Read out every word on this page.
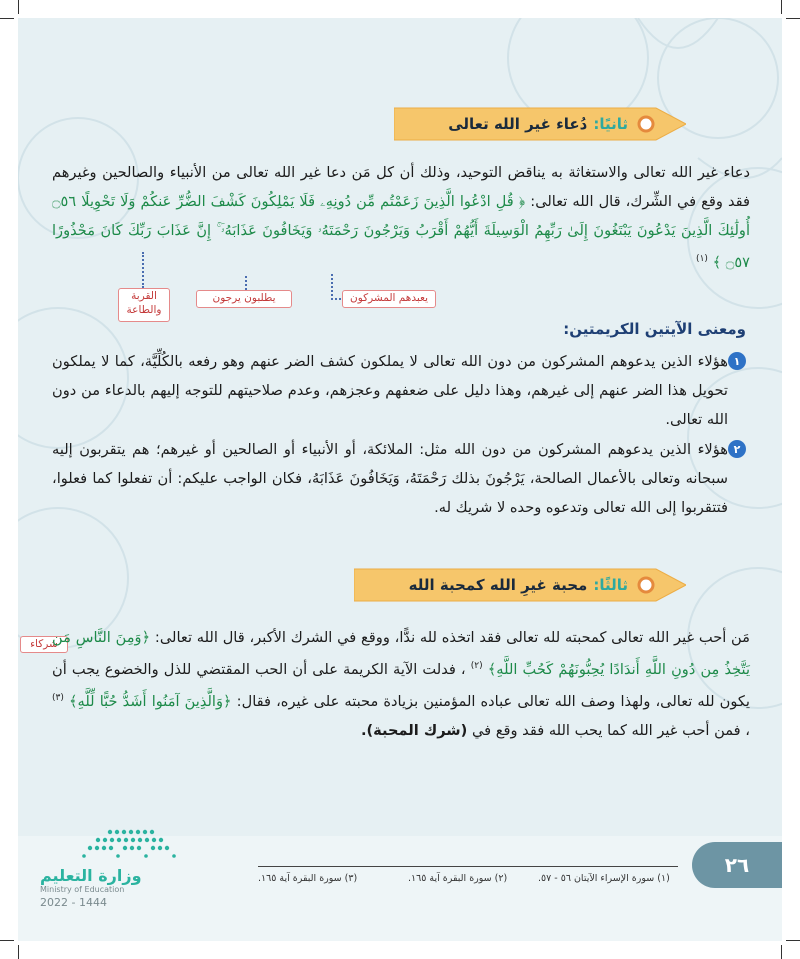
ثانيًا:
دُعاء غير الله تعالى
دعاء غير الله تعالى والاستغاثة به يناقض التوحيد، وذلك أن كل مَن دعا غير الله تعالى من الأنبياء والصالحين وغيرهم فقد وقع في الشِّرك، قال الله تعالى: ﴿ قُلِ ادْعُوا الَّذِينَ زَعَمْتُم مِّن دُونِهِۦ فَلَا يَمْلِكُونَ كَشْفَ الضُّرِّ عَنكُمْ وَلَا تَحْوِيلًا ۝٥٦ أُولَٰئِكَ الَّذِينَ يَدْعُونَ يَبْتَغُونَ إِلَىٰ رَبِّهِمُ الْوَسِيلَةَ أَيُّهُمْ أَقْرَبُ وَيَرْجُونَ رَحْمَتَهُۥ وَيَخَافُونَ عَذَابَهُۥٓ ۚ إِنَّ عَذَابَ رَبِّكَ كَانَ مَحْذُورًا ۝٥٧ ﴾ $^{(١)}$
يعبدهم المشركون
يطلبون يرجون
القربة والطاعة
ومعنى الآيتين الكريمتين:
١
هؤلاء الذين يدعوهم المشركون من دون الله تعالى لا يملكون كشف الضر عنهم وهو رفعه بالكُلِّيَّة، كما لا يملكون تحويل هذا الضر عنهم إلى غيرهم، وهذا دليل على ضعفهم وعجزهم، وعدم صلاحيتهم للتوجه إليهم بالدعاء من دون الله تعالى.
٢
هؤلاء الذين يدعوهم المشركون من دون الله مثل: الملائكة، أو الأنبياء أو الصالحين أو غيرهم؛ هم يتقربون إليه سبحانه وتعالى بالأعمال الصالحة، يَرْجُونَ بذلك رَحْمَتَهُ، وَيَخَافُونَ عَذَابَهُ، فكان الواجب عليكم: أن تفعلوا كما فعلوا، فتتقربوا إلى الله تعالى وتدعوه وحده لا شريك له.
ثالثًا:
محبة غيرِ الله كمحبة الله
شركاء	مَن أحب غير الله تعالى كمحبته لله تعالى فقد اتخذه لله ندًّا، ووقع في الشرك الأكبر، قال الله تعالى: ﴿وَمِنَ النَّاسِ مَن يَتَّخِذُ مِن دُونِ اللَّهِ أَندَادًا يُحِبُّونَهُمْ كَحُبِّ اللَّهِ﴾ $^{(٢)}$ ، فدلت الآية الكريمة على أن الحب المقتضي للذل والخضوع يجب أن يكون لله تعالى، ولهذا وصف الله تعالى عباده المؤمنين بزيادة محبته على غيره، فقال: ﴿وَالَّذِينَ آمَنُوا أَشَدُّ حُبًّا لِّلَّهِ﴾ $^{(٣)}$ ، فمن أحب غير الله كما يحب الله فقد وقع في (شرك المحبة).
٢٦
(١) سورة الإسراء الآيتان ٥٦ - ٥٧.
(٢) سورة البقرة آية ١٦٥.
(٣) سورة البقرة آية ١٦٥.
وزارة التعليم
Ministry of Education
2022 - 1444
